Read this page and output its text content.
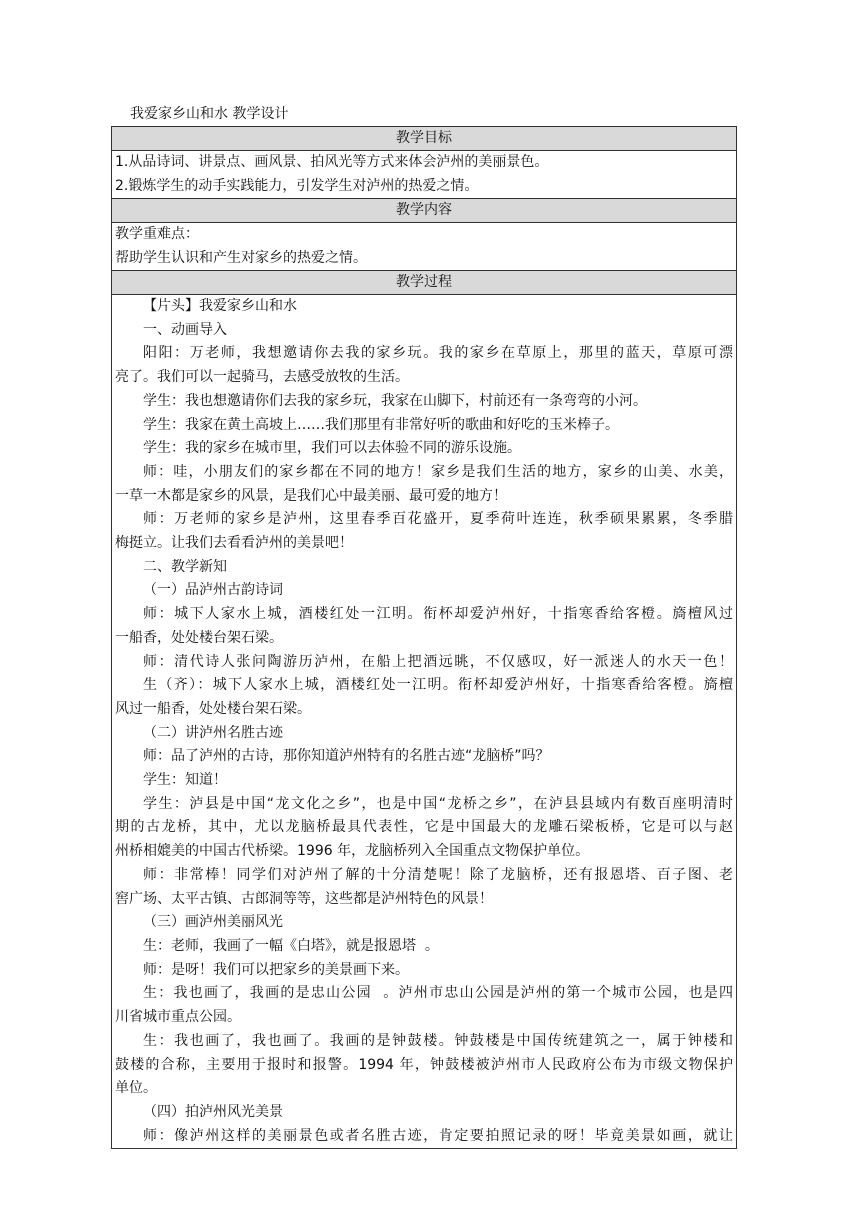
我爱家乡山和水 教学设计
教学目标

1.从品诗词、讲景点、画风景、拍风光等方式来体会泸州的美丽景色。
2.锻炼学生的动手实践能力，引发学生对泸州的热爱之情。

教学内容

教学重难点：
帮助学生认识和产生对家乡的热爱之情。

教学过程

【片头】我爱家乡山和水
一、动画导入
阳阳：万老师，我想邀请你去我的家乡玩。我的家乡在草原上，那里的蓝天，草原可漂
亮了。我们可以一起骑马，去感受放牧的生活。
学生：我也想邀请你们去我的家乡玩，我家在山脚下，村前还有一条弯弯的小河。
学生：我家在黄土高坡上……我们那里有非常好听的歌曲和好吃的玉米棒子。
学生：我的家乡在城市里，我们可以去体验不同的游乐设施。
师：哇，小朋友们的家乡都在不同的地方！家乡是我们生活的地方，家乡的山美、水美，
一草一木都是家乡的风景，是我们心中最美丽、最可爱的地方！
师：万老师的家乡是泸州，这里春季百花盛开，夏季荷叶连连，秋季硕果累累，冬季腊
梅挺立。让我们去看看泸州的美景吧！
二、教学新知
（一）品泸州古韵诗词
师：城下人家水上城，酒楼红处一江明。衔杯却爱泸州好，十指寒香给客橙。旖檀风过
一船香，处处楼台架石梁。
师：清代诗人张问陶游历泸州，在船上把酒远眺，不仅感叹，好一派迷人的水天一色！
生（齐）：城下人家水上城，酒楼红处一江明。衔杯却爱泸州好，十指寒香给客橙。旖檀
风过一船香，处处楼台架石梁。
（二）讲泸州名胜古迹
师：品了泸州的古诗，那你知道泸州特有的名胜古迹“龙脑桥”吗？
学生：知道！
学生：泸县是中国“龙文化之乡”，也是中国“龙桥之乡”，在泸县县域内有数百座明清时
期的古龙桥，其中，尤以龙脑桥最具代表性，它是中国最大的龙雕石梁板桥，它是可以与赵
州桥相媲美的中国古代桥梁。1996 年，龙脑桥列入全国重点文物保护单位。
师：非常棒！同学们对泸州了解的十分清楚呢！除了龙脑桥，还有报恩塔、百子图、老
窖广场、太平古镇、古郎洞等等，这些都是泸州特色的风景！
（三）画泸州美丽风光
生：老师，我画了一幅《白塔》，就是报恩塔  。
师：是呀！我们可以把家乡的美景画下来。
生：我也画了，我画的是忠山公园  。泸州市忠山公园是泸州的第一个城市公园，也是四
川省城市重点公园。
生：我也画了，我也画了。我画的是钟鼓楼。钟鼓楼是中国传统建筑之一，属于钟楼和
鼓楼的合称，主要用于报时和报警。1994 年，钟鼓楼被泸州市人民政府公布为市级文物保护
单位。
（四）拍泸州风光美景
师：像泸州这样的美丽景色或者名胜古迹，肯定要拍照记录的呀！毕竟美景如画，就让
